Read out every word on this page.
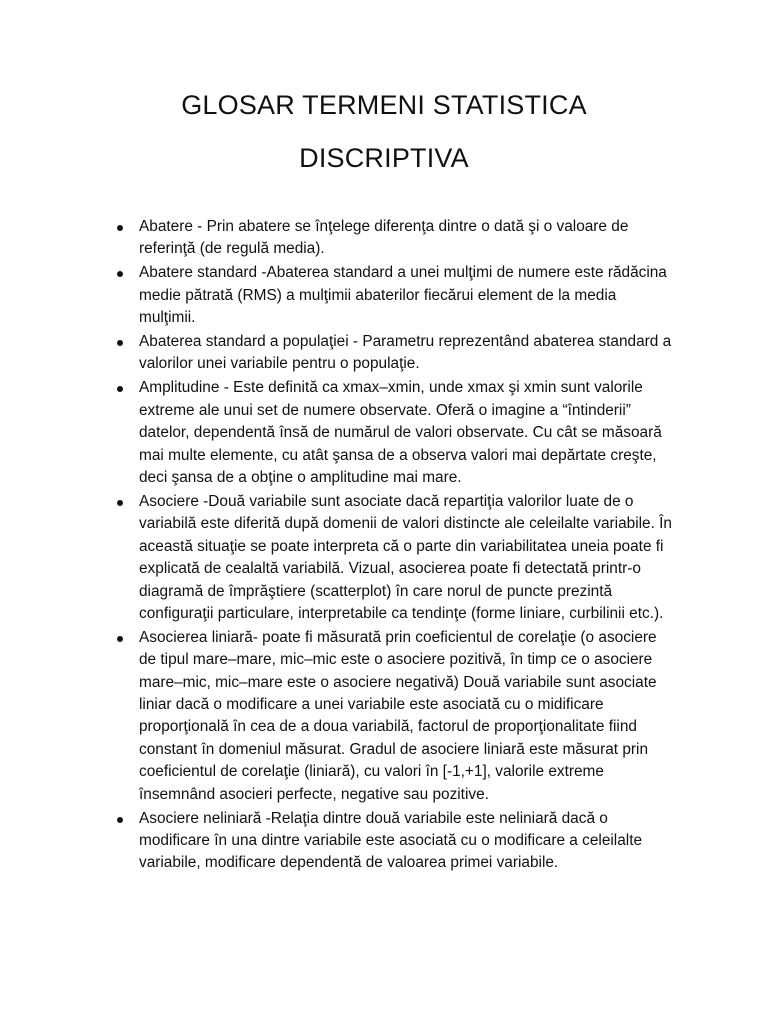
GLOSAR TERMENI STATISTICA
DISCRIPTIVA
Abatere - Prin abatere se înţelege diferenţa dintre o dată şi o valoare de referinţă (de regulă media).
Abatere standard -Abaterea standard a unei mulţimi de numere este rădăcina medie pătrată (RMS) a mulţimii abaterilor fiecărui element de la media mulţimii.
Abaterea standard a populaţiei - Parametru reprezentând abaterea standard a valorilor unei variabile pentru o populaţie.
Amplitudine - Este definită ca xmax–xmin, unde xmax şi xmin sunt valorile extreme ale unui set de numere observate. Oferă o imagine a “întinderii” datelor, dependentă însă de numărul de valori observate. Cu cât se măsoară mai multe elemente, cu atât şansa de a observa valori mai depărtate creşte, deci şansa de a obţine o amplitudine mai mare.
Asociere -Două variabile sunt asociate dacă repartiţia valorilor luate de o variabilă este diferită după domenii de valori distincte ale celeilalte variabile. În această situaţie se poate interpreta că o parte din variabilitatea uneia poate fi explicată de cealaltă variabilă. Vizual, asocierea poate fi detectată printr-o diagramă de împrăştiere (scatterplot) în care norul de puncte prezintă configuraţii particulare, interpretabile ca tendinţe (forme liniare, curbilinii etc.).
Asocierea liniară- poate fi măsurată prin coeficientul de corelaţie (o asociere de tipul mare–mare, mic–mic este o asociere pozitivă, în timp ce o asociere mare–mic, mic–mare este o asociere negativă) Două variabile sunt asociate liniar dacă o modificare a unei variabile este asociată cu o midificare proporţională în cea de a doua variabilă, factorul de proporţionalitate fiind constant în domeniul măsurat. Gradul de asociere liniară este măsurat prin coeficientul de corelaţie (liniară), cu valori în [-1,+1], valorile extreme însemnând asocieri perfecte, negative sau pozitive.
Asociere neliniară -Relaţia dintre două variabile este neliniară dacă o modificare în una dintre variabile este asociată cu o modificare a celeilalte variabile, modificare dependentă de valoarea primei variabile.
